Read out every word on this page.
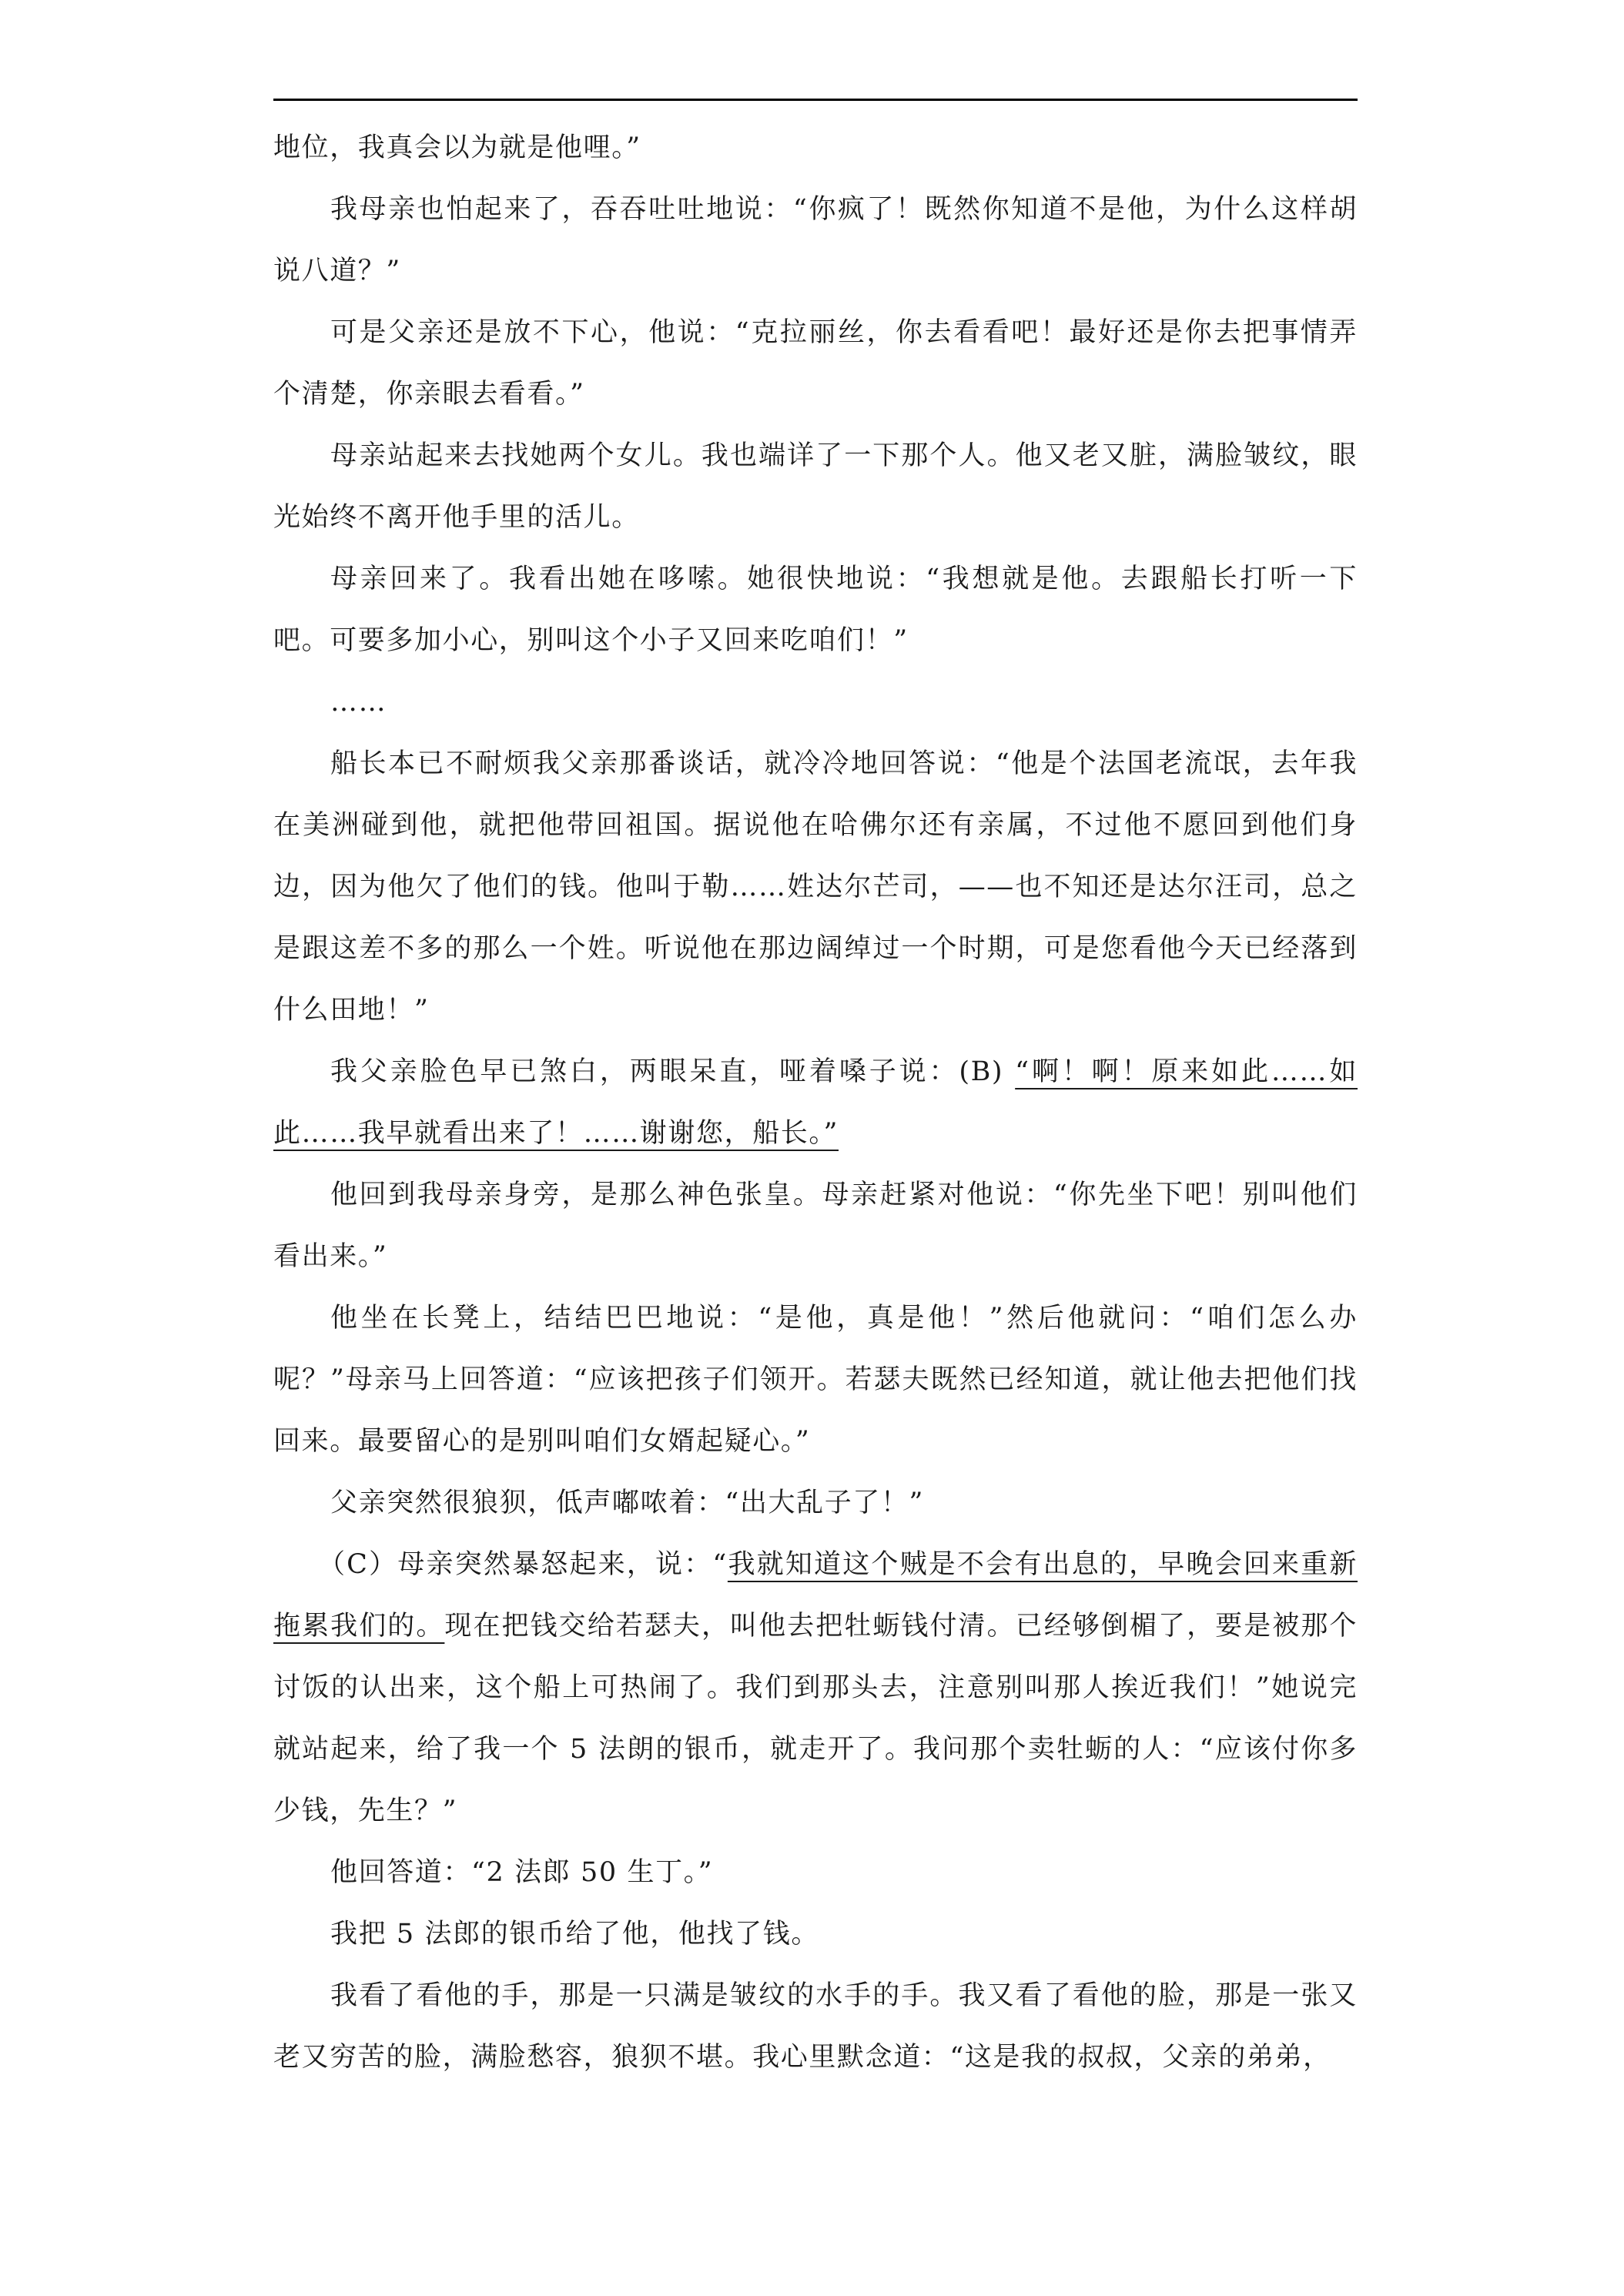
地位，我真会以为就是他哩。”

我母亲也怕起来了，吞吞吐吐地说：“你疯了！既然你知道不是他，为什么这样胡说八道？”

可是父亲还是放不下心，他说：“克拉丽丝，你去看看吧！最好还是你去把事情弄个清楚，你亲眼去看看。”

母亲站起来去找她两个女儿。我也端详了一下那个人。他又老又脏，满脸皱纹，眼光始终不离开他手里的活儿。

母亲回来了。我看出她在哆嗦。她很快地说：“我想就是他。去跟船长打听一下吧。可要多加小心，别叫这个小子又回来吃咱们！”

……

船长本已不耐烦我父亲那番谈话，就冷冷地回答说：“他是个法国老流氓，去年我在美洲碰到他，就把他带回祖国。据说他在哈佛尔还有亲属，不过他不愿回到他们身边，因为他欠了他们的钱。他叫于勒……姓达尔芒司，——也不知还是达尔汪司，总之是跟这差不多的那么一个姓。听说他在那边阔绰过一个时期，可是您看他今天已经落到什么田地！”

我父亲脸色早已煞白，两眼呆直，哑着嗓子说：(B) “啊！啊！原来如此……如此……我早就看出来了！……谢谢您，船长。”

他回到我母亲身旁，是那么神色张皇。母亲赶紧对他说：“你先坐下吧！别叫他们看出来。”

他坐在长凳上，结结巴巴地说：“是他，真是他！”然后他就问：“咱们怎么办呢？”母亲马上回答道：“应该把孩子们领开。若瑟夫既然已经知道，就让他去把他们找回来。最要留心的是别叫咱们女婿起疑心。”

父亲突然很狼狈，低声嘟哝着：“出大乱子了！”

（C）母亲突然暴怒起来，说：“我就知道这个贼是不会有出息的，早晚会回来重新拖累我们的。现在把钱交给若瑟夫，叫他去把牡蛎钱付清。已经够倒楣了，要是被那个讨饭的认出来，这个船上可热闹了。我们到那头去，注意别叫那人挨近我们！”她说完就站起来，给了我一个 5 法朗的银币，就走开了。我问那个卖牡蛎的人：“应该付你多少钱，先生？”

他回答道：“2 法郎 50 生丁。”

我把 5 法郎的银币给了他，他找了钱。

我看了看他的手，那是一只满是皱纹的水手的手。我又看了看他的脸，那是一张又老又穷苦的脸，满脸愁容，狼狈不堪。我心里默念道：“这是我的叔叔，父亲的弟弟，
